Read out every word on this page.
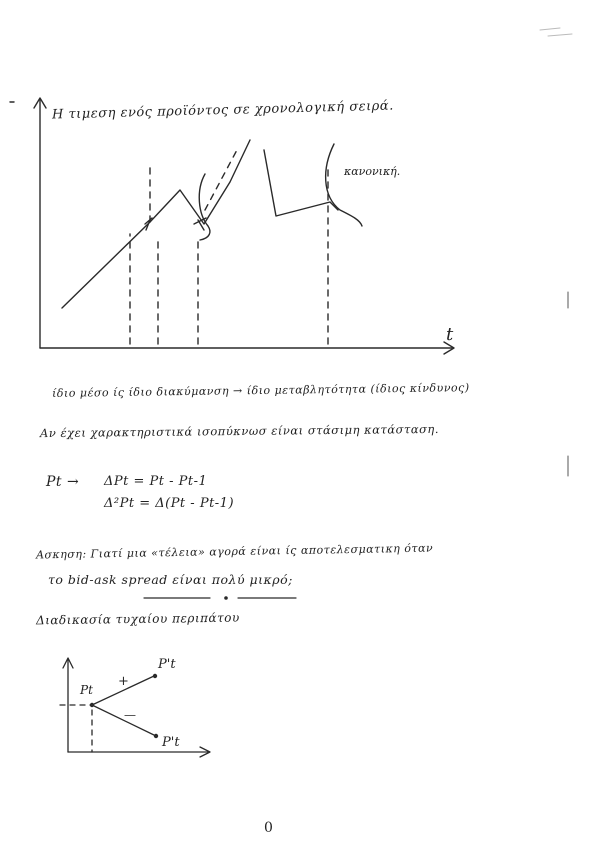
t
κανονική.
Η τιμεση ενός προϊόντος σε χρονολογική σειρά.
ίδιο μέσο ίς ίδιο διακύμανση → ίδιο μεταβλητότητα (ίδιος κίνδυνος)
Αν έχει χαρακτηριστικά ισοπύκνωσ είναι στάσιμη κατάσταση.
Pt → ΔPt = Pt - Pt-1
Δ²Pt = Δ(Pt - Pt-1)
Ασκηση: Γιατί μια «τέλεια» αγορά είναι ίς αποτελεσματικη όταν
το bid-ask spread είναι πολύ μικρό;
Διαδικασία τυχαίου περιπάτου
Pt
P't
P't
+
—
0
